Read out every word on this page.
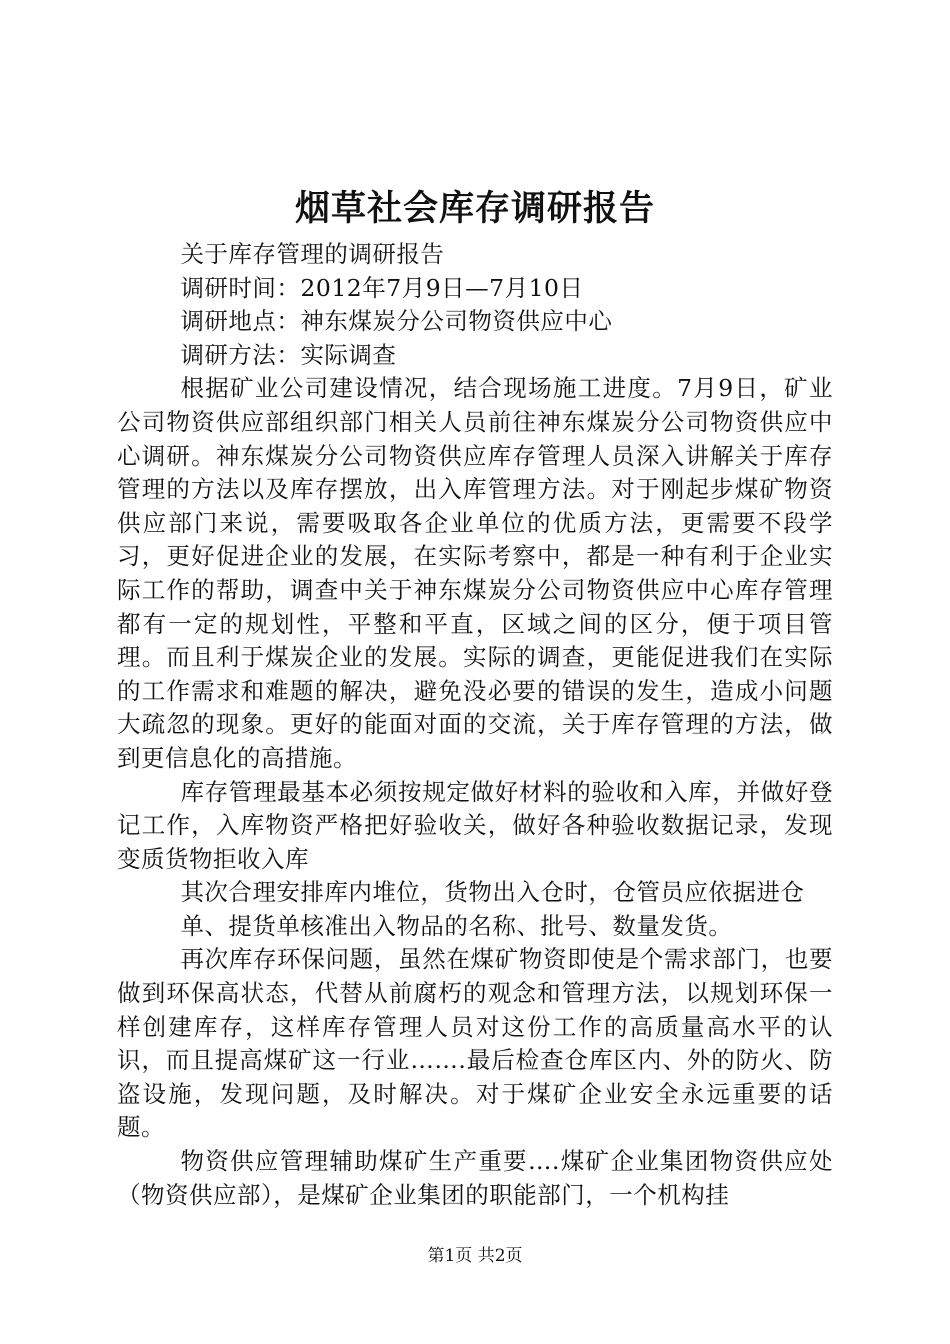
烟草社会库存调研报告

关于库存管理的调研报告

调研时间：2012年7月9日—7月10日

调研地点：神东煤炭分公司物资供应中心

调研方法：实际调查

根据矿业公司建设情况，结合现场施工进度。7月9日，矿业公司物资供应部组织部门相关人员前往神东煤炭分公司物资供应中心调研。神东煤炭分公司物资供应库存管理人员深入讲解关于库存管理的方法以及库存摆放，出入库管理方法。对于刚起步煤矿物资供应部门来说，需要吸取各企业单位的优质方法，更需要不段学习，更好促进企业的发展，在实际考察中，都是一种有利于企业实际工作的帮助，调查中关于神东煤炭分公司物资供应中心库存管理都有一定的规划性，平整和平直，区域之间的区分，便于项目管理。而且利于煤炭企业的发展。实际的调查，更能促进我们在实际的工作需求和难题的解决，避免没必要的错误的发生，造成小问题大疏忽的现象。更好的能面对面的交流，关于库存管理的方法，做到更信息化的高措施。

库存管理最基本必须按规定做好材料的验收和入库，并做好登记工作，入库物资严格把好验收关，做好各种验收数据记录，发现变质货物拒收入库

其次合理安排库内堆位，货物出入仓时，仓管员应依据进仓

单、提货单核准出入物品的名称、批号、数量发货。

再次库存环保问题，虽然在煤矿物资即使是个需求部门，也要做到环保高状态，代替从前腐朽的观念和管理方法，以规划环保一样创建库存，这样库存管理人员对这份工作的高质量高水平的认识，而且提高煤矿这一行业…….最后检查仓库区内、外的防火、防盗设施，发现问题，及时解决。对于煤矿企业安全永远重要的话题。

物资供应管理辅助煤矿生产重要….煤矿企业集团物资供应处（物资供应部），是煤矿企业集团的职能部门，一个机构挂

第1页 共2页
